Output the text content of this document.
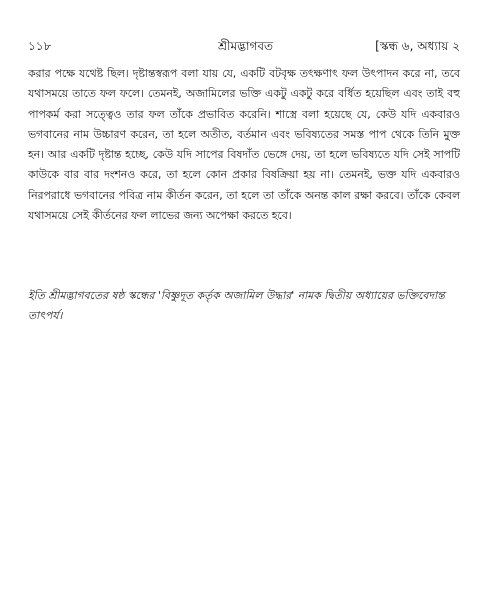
১১৮	শ্রীমদ্ভাগবত	[স্কন্ধ ৬, অধ্যায় ২

করার পক্ষে যথেষ্ট ছিল। দৃষ্টান্তস্বরূপ বলা যায় যে, একটি বটবৃক্ষ তৎক্ষণাৎ ফল উৎপাদন করে না, তবে যথাসময়ে তাতে ফল ফলে। তেমনই, অজামিলের ভক্তি একটু একটু করে বর্ধিত হয়েছিল এবং তাই বহু পাপকর্ম করা সত্ত্বেও তার ফল তাঁকে প্রভাবিত করেনি। শাস্ত্রে বলা হয়েছে যে, কেউ যদি একবারও ভগবানের নাম উচ্চারণ করেন, তা হলে অতীত, বর্তমান এবং ভবিষ্যতের সমস্ত পাপ থেকে তিনি মুক্ত হন। আর একটি দৃষ্টান্ত হচ্ছে, কেউ যদি সাপের বিষদাঁত ভেঙ্গে দেয়, তা হলে ভবিষ্যতে যদি সেই সাপটি কাউকে বার বার দংশনও করে, তা হলে কোন প্রকার বিষক্রিয়া হয় না। তেমনই, ভক্ত যদি একবারও নিরপরাধে ভগবানের পবিত্র নাম কীর্তন করেন, তা হলে তা তাঁকে অনন্ত কাল রক্ষা করবে। তাঁকে কেবল যথাসময়ে সেই কীর্তনের ফল লাভের জন্য অপেক্ষা করতে হবে।

ইতি শ্রীমদ্ভাগবতের ষষ্ঠ স্কন্ধের 'বিষ্ণুদূত কর্তৃক অজামিল উদ্ধার' নামক দ্বিতীয় অধ্যায়ের ভক্তিবেদান্ত তাৎপর্য।
